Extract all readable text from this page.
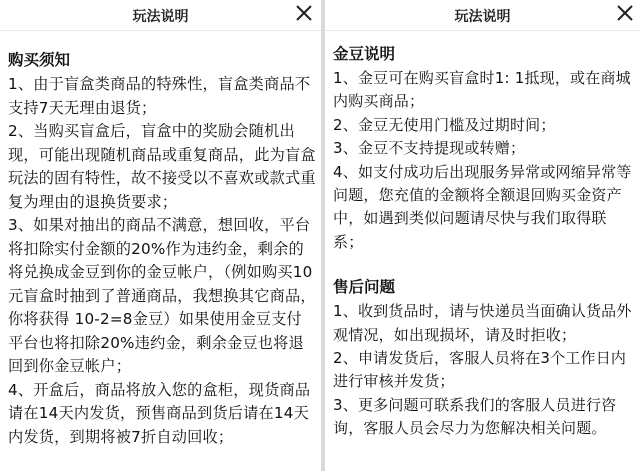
玩法说明

购买须知

1、由于盲盒类商品的特殊性，盲盒类商品不支持7天无理由退货；

2、当购买盲盒后，盲盒中的奖励会随机出现，可能出现随机商品或重复商品，此为盲盒玩法的固有特性，故不接受以不喜欢或款式重复为理由的退换货要求；

3、如果对抽出的商品不满意，想回收，平台将扣除实付金额的20%作为违约金，剩余的将兑换成金豆到你的金豆帐户，（例如购买10元盲盒时抽到了普通商品，我想换其它商品，你将获得 10-2=8金豆）如果使用金豆支付平台也将扣除20%违约金，剩余金豆也将退回到你金豆帐户；

4、开盒后，商品将放入您的盒柜，现货商品请在14天内发货，预售商品到货后请在14天内发货，到期将被7折自动回收；

玩法说明

金豆说明

1、金豆可在购买盲盒时1: 1抵现，或在商城内购买商品；

2、金豆无使用门槛及过期时间；

3、金豆不支持提现或转赠；

4、如支付成功后出现服务异常或网缩异常等问题，您充值的金额将全额退回购买金资产中，如遇到类似问题请尽快与我们取得联系；

售后问题

1、收到货品时，请与快递员当面确认货品外观情况，如出现损坏，请及时拒收；

2、申请发货后，客服人员将在3个工作日内进行审核并发货；

3、更多问题可联系我们的客服人员进行咨询，客服人员会尽力为您解决相关问题。
